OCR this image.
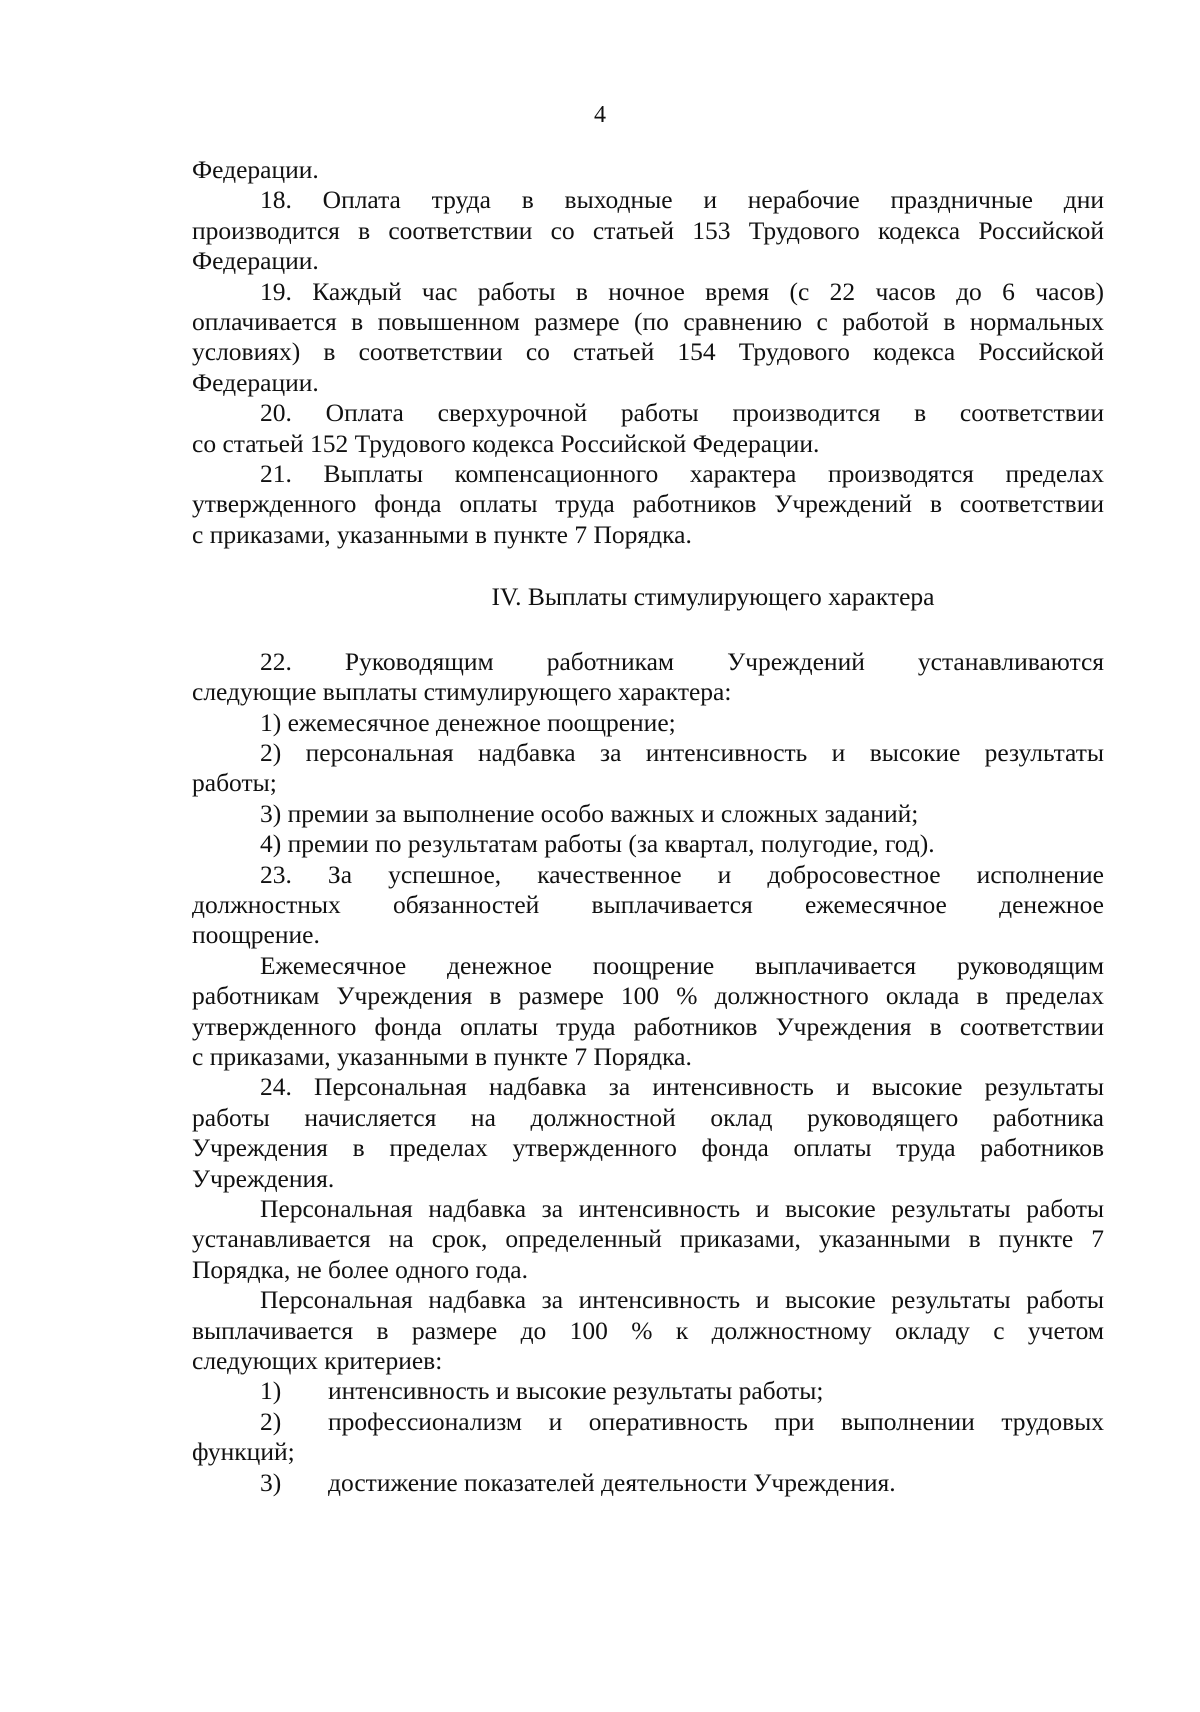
4
Федерации.
18. Оплата труда в выходные и нерабочие праздничные дни
производится в соответствии со статьей 153 Трудового кодекса Российской
Федерации.
19. Каждый час работы в ночное время (с 22 часов до 6 часов)
оплачивается в повышенном размере (по сравнению с работой в нормальных
условиях) в соответствии со статьей 154 Трудового кодекса Российской
Федерации.
20. Оплата сверхурочной работы производится в соответствии
со статьей 152 Трудового кодекса Российской Федерации.
21. Выплаты компенсационного характера производятся пределах
утвержденного фонда оплаты труда работников Учреждений в соответствии
с приказами, указанными в пункте 7 Порядка.
IV. Выплаты стимулирующего характера
22. Руководящим работникам Учреждений устанавливаются
следующие выплаты стимулирующего характера:
1) ежемесячное денежное поощрение;
2) персональная надбавка за интенсивность и высокие результаты
работы;
3) премии за выполнение особо важных и сложных заданий;
4) премии по результатам работы (за квартал, полугодие, год).
23. За успешное, качественное и добросовестное исполнение
должностных обязанностей выплачивается ежемесячное денежное
поощрение.
Ежемесячное денежное поощрение выплачивается руководящим
работникам Учреждения в размере 100 % должностного оклада в пределах
утвержденного фонда оплаты труда работников Учреждения в соответствии
с приказами, указанными в пункте 7 Порядка.
24. Персональная надбавка за интенсивность и высокие результаты
работы начисляется на должностной оклад руководящего работника
Учреждения в пределах утвержденного фонда оплаты труда работников
Учреждения.
Персональная надбавка за интенсивность и высокие результаты работы
устанавливается на срок, определенный приказами, указанными в пункте 7
Порядка, не более одного года.
Персональная надбавка за интенсивность и высокие результаты работы
выплачивается в размере до 100 % к должностному окладу с учетом
следующих критериев:
1)	интенсивность и высокие результаты работы;
2)	профессионализм и оперативность при выполнении трудовых
функций;
3)	достижение показателей деятельности Учреждения.
